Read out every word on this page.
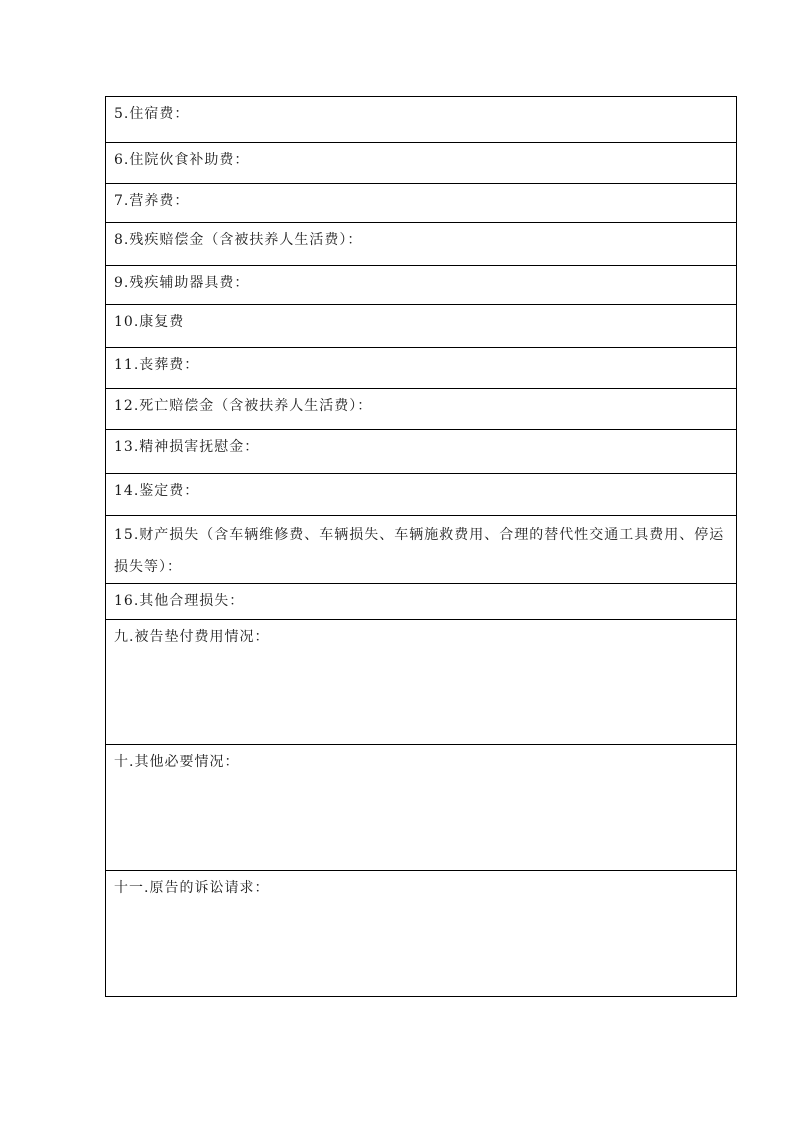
5.住宿费：
6.住院伙食补助费：
7.营养费：
8.残疾赔偿金（含被扶养人生活费）：
9.残疾辅助器具费：
10.康复费
11.丧葬费：
12.死亡赔偿金（含被扶养人生活费）：
13.精神损害抚慰金：
14.鉴定费：
15.财产损失（含车辆维修费、车辆损失、车辆施救费用、合理的替代性交通工具费用、停运损失等）：
16.其他合理损失：
九.被告垫付费用情况：
十.其他必要情况：
十一.原告的诉讼请求：
